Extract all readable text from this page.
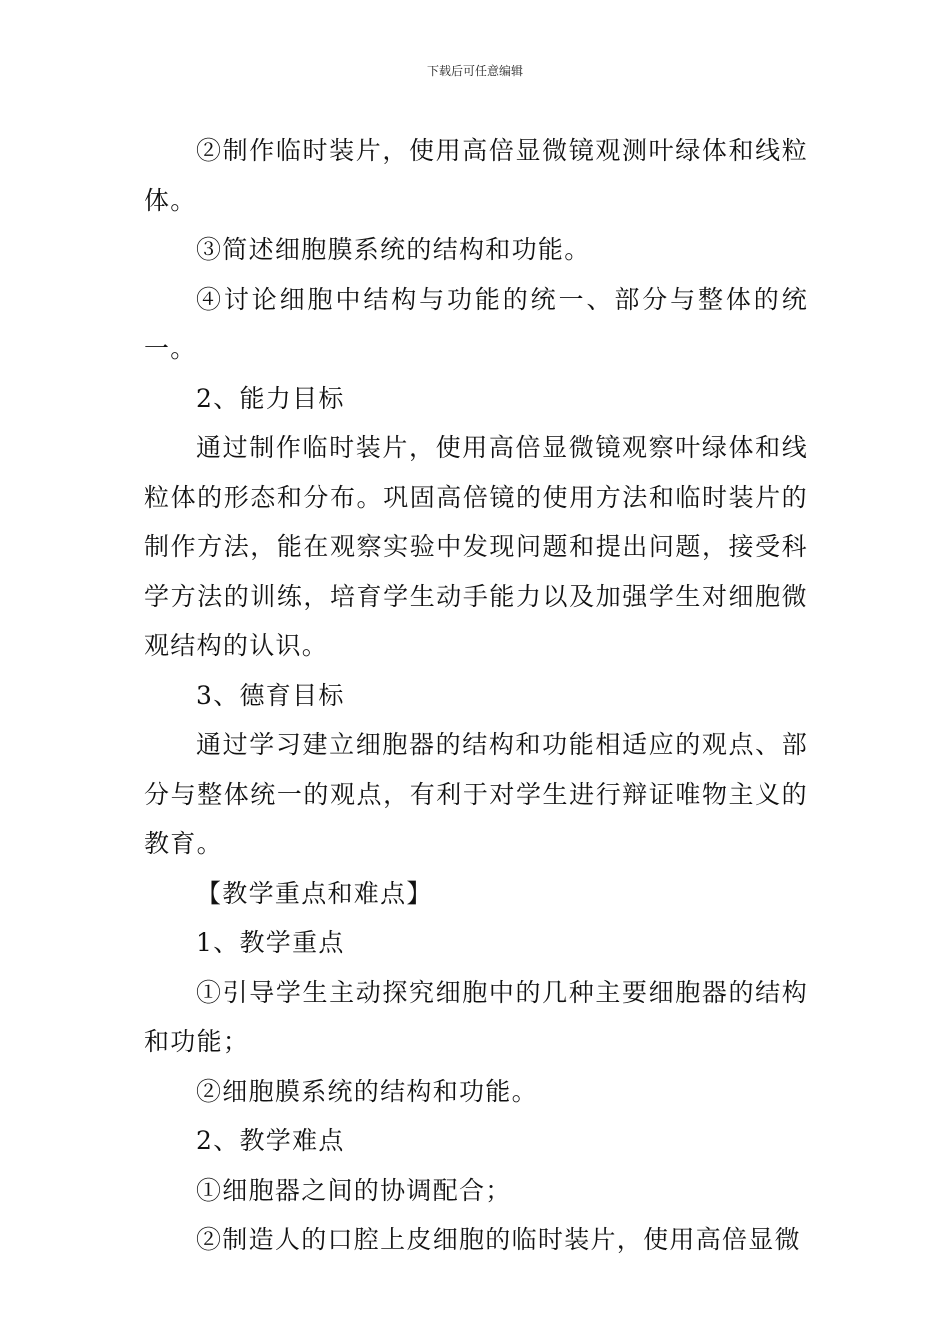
下载后可任意编辑

②制作临时装片，使用高倍显微镜观测叶绿体和线粒体。

③简述细胞膜系统的结构和功能。

④讨论细胞中结构与功能的统一、部分与整体的统一。

2、能力目标

通过制作临时装片，使用高倍显微镜观察叶绿体和线粒体的形态和分布。巩固高倍镜的使用方法和临时装片的制作方法，能在观察实验中发现问题和提出问题，接受科学方法的训练，培育学生动手能力以及加强学生对细胞微观结构的认识。

3、德育目标

通过学习建立细胞器的结构和功能相适应的观点、部分与整体统一的观点，有利于对学生进行辩证唯物主义的教育。

【教学重点和难点】

1、教学重点

①引导学生主动探究细胞中的几种主要细胞器的结构和功能；

②细胞膜系统的结构和功能。

2、教学难点

①细胞器之间的协调配合；

②制造人的口腔上皮细胞的临时装片，使用高倍显微
